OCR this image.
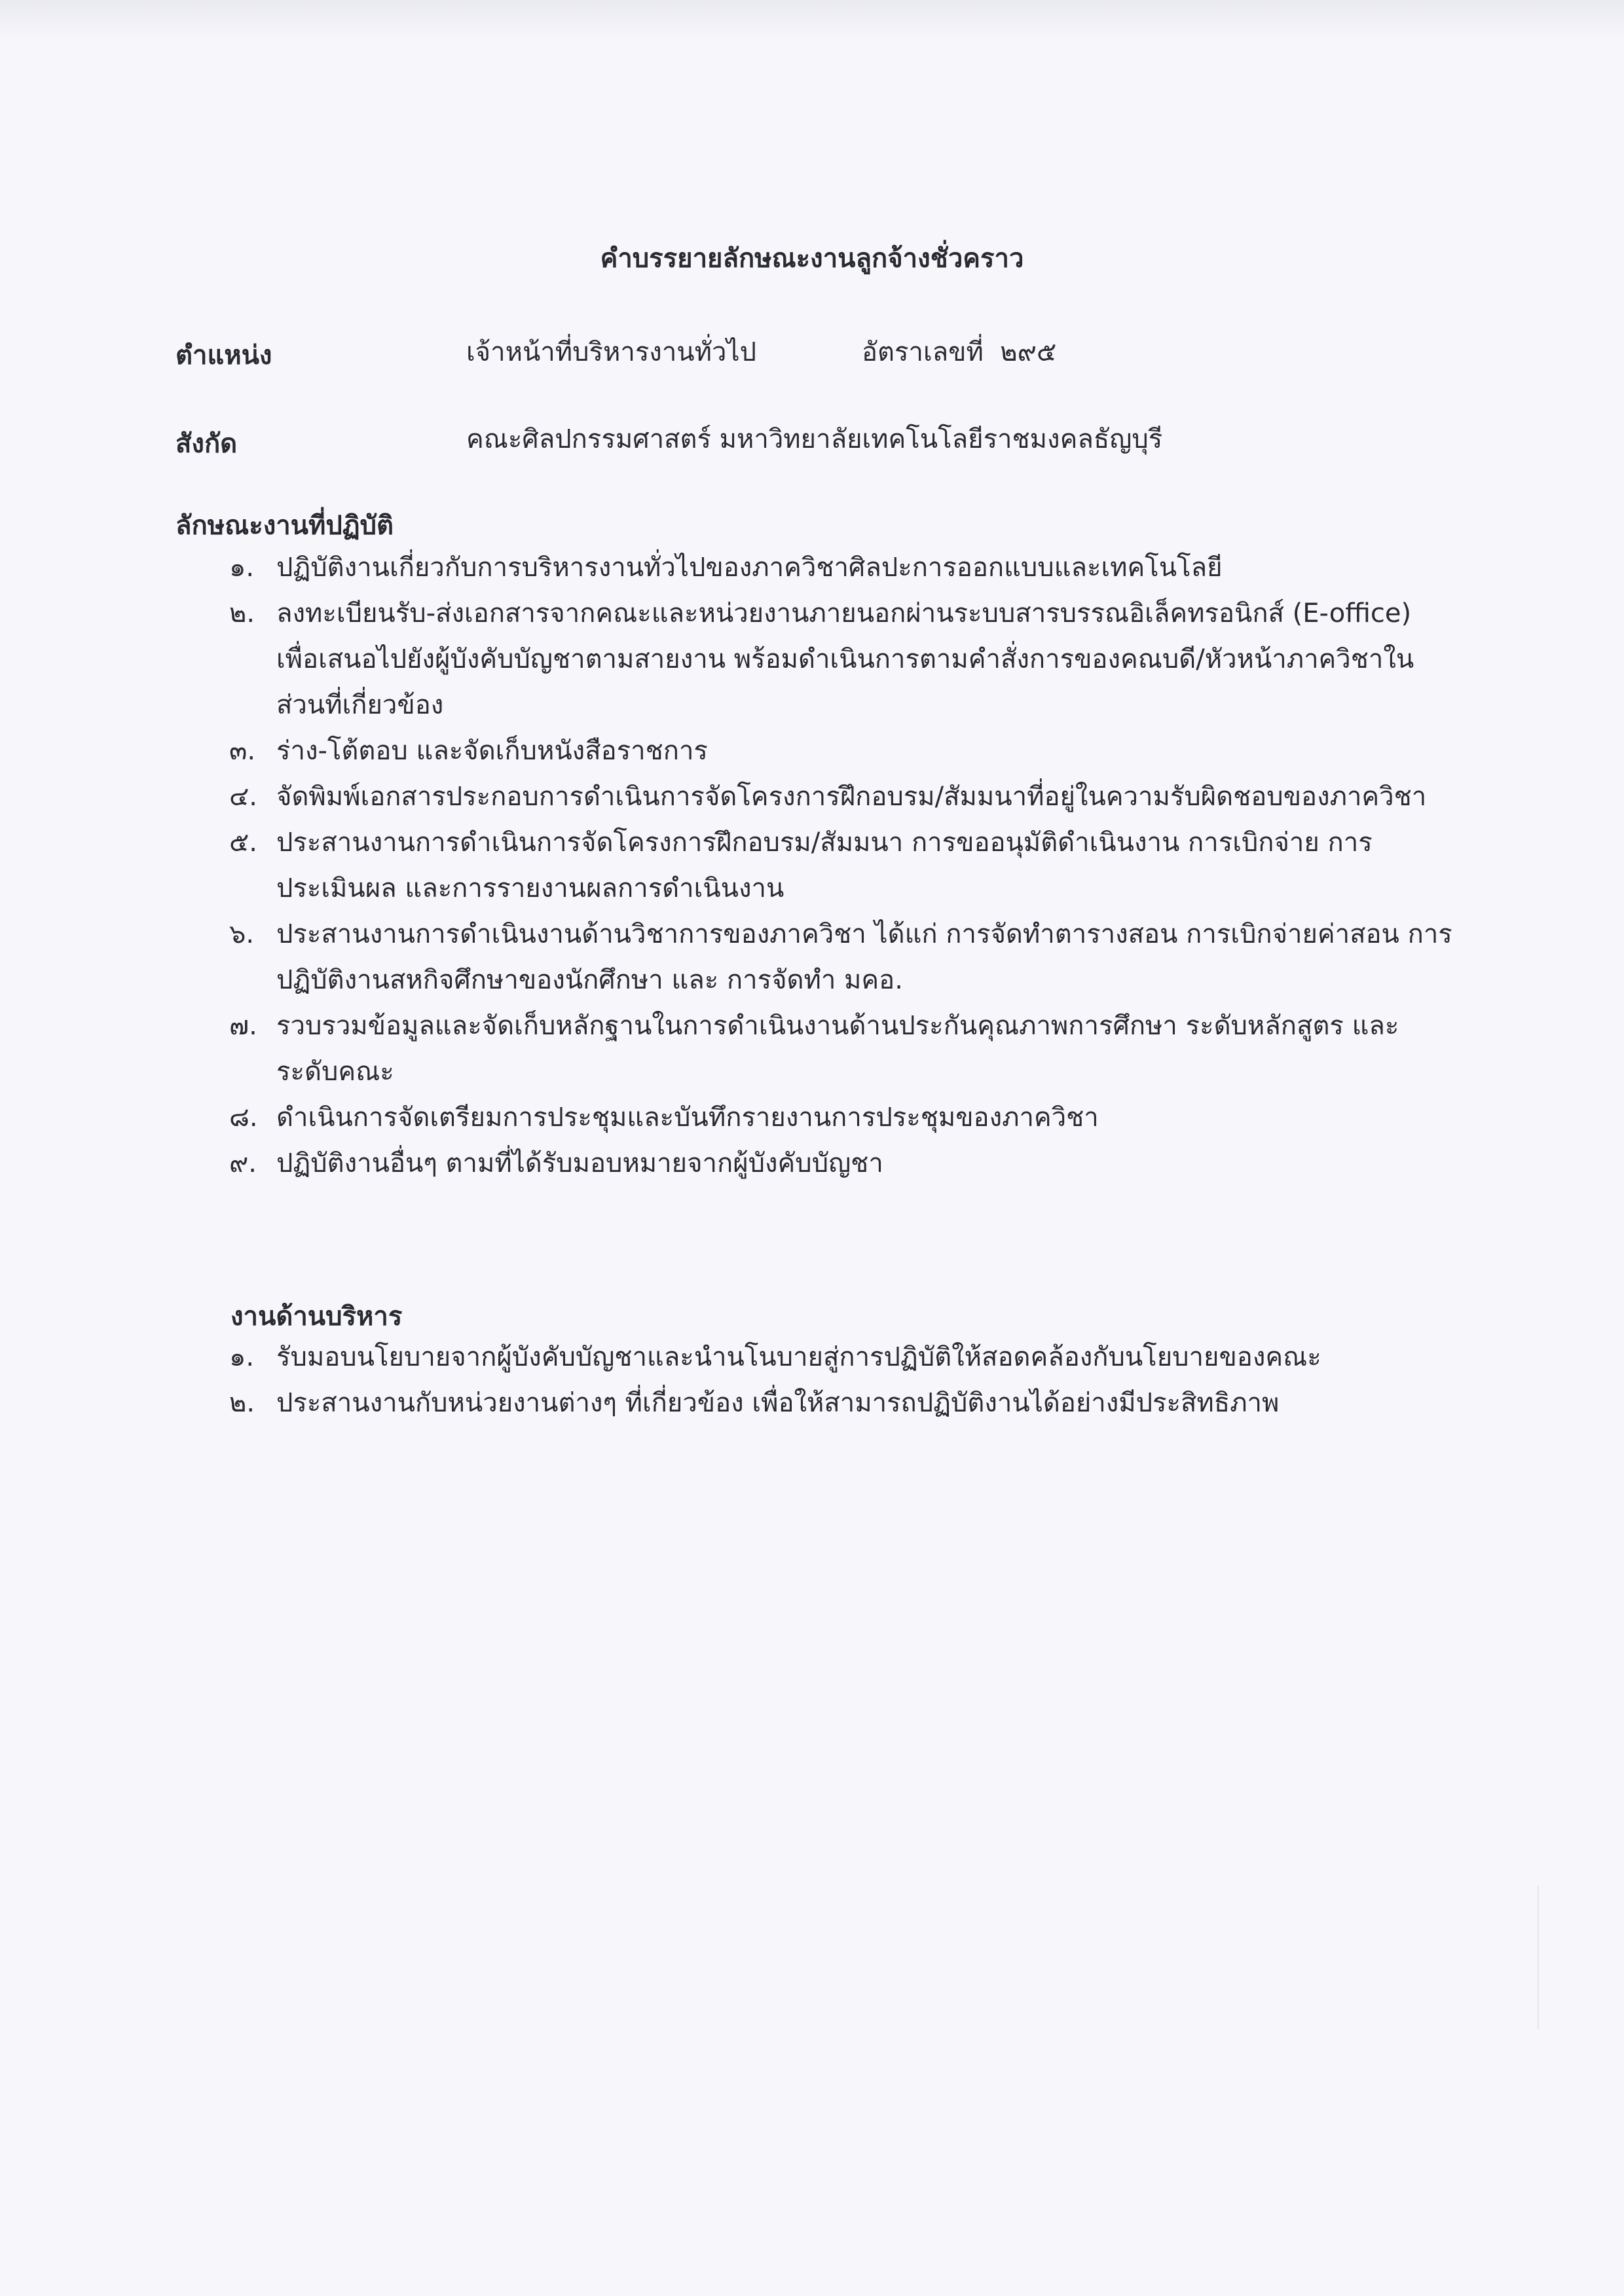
คำบรรยายลักษณะงานลูกจ้างชั่วคราว
ตำแหน่ง	เจ้าหน้าที่บริหารงานทั่วไป	อัตราเลขที่ ๒๙๕
สังกัด	คณะศิลปกรรมศาสตร์ มหาวิทยาลัยเทคโนโลยีราชมงคลธัญบุรี
ลักษณะงานที่ปฏิบัติ
๑. ปฏิบัติงานเกี่ยวกับการบริหารงานทั่วไปของภาควิชาศิลปะการออกแบบและเทคโนโลยี
๒. ลงทะเบียนรับ-ส่งเอกสารจากคณะและหน่วยงานภายนอกผ่านระบบสารบรรณอิเล็คทรอนิกส์ (E-office) เพื่อเสนอไปยังผู้บังคับบัญชาตามสายงาน พร้อมดำเนินการตามคำสั่งการของคณบดี/หัวหน้าภาควิชาในส่วนที่เกี่ยวข้อง
๓. ร่าง-โต้ตอบ และจัดเก็บหนังสือราชการ
๔. จัดพิมพ์เอกสารประกอบการดำเนินการจัดโครงการฝึกอบรม/สัมมนาที่อยู่ในความรับผิดชอบของภาควิชา
๕. ประสานงานการดำเนินการจัดโครงการฝึกอบรม/สัมมนา การขออนุมัติดำเนินงาน การเบิกจ่าย การประเมินผล และการรายงานผลการดำเนินงาน
๖. ประสานงานการดำเนินงานด้านวิชาการของภาควิชา ได้แก่ การจัดทำตารางสอน การเบิกจ่ายค่าสอน การปฏิบัติงานสหกิจศึกษาของนักศึกษา และ การจัดทำ มคอ.
๗. รวบรวมข้อมูลและจัดเก็บหลักฐานในการดำเนินงานด้านประกันคุณภาพการศึกษา ระดับหลักสูตร และระดับคณะ
๘. ดำเนินการจัดเตรียมการประชุมและบันทึกรายงานการประชุมของภาควิชา
๙. ปฏิบัติงานอื่นๆ ตามที่ได้รับมอบหมายจากผู้บังคับบัญชา
งานด้านบริหาร
๑. รับมอบนโยบายจากผู้บังคับบัญชาและนำนโนบายสู่การปฏิบัติให้สอดคล้องกับนโยบายของคณะ
๒. ประสานงานกับหน่วยงานต่างๆ ที่เกี่ยวข้อง เพื่อให้สามารถปฏิบัติงานได้อย่างมีประสิทธิภาพ
